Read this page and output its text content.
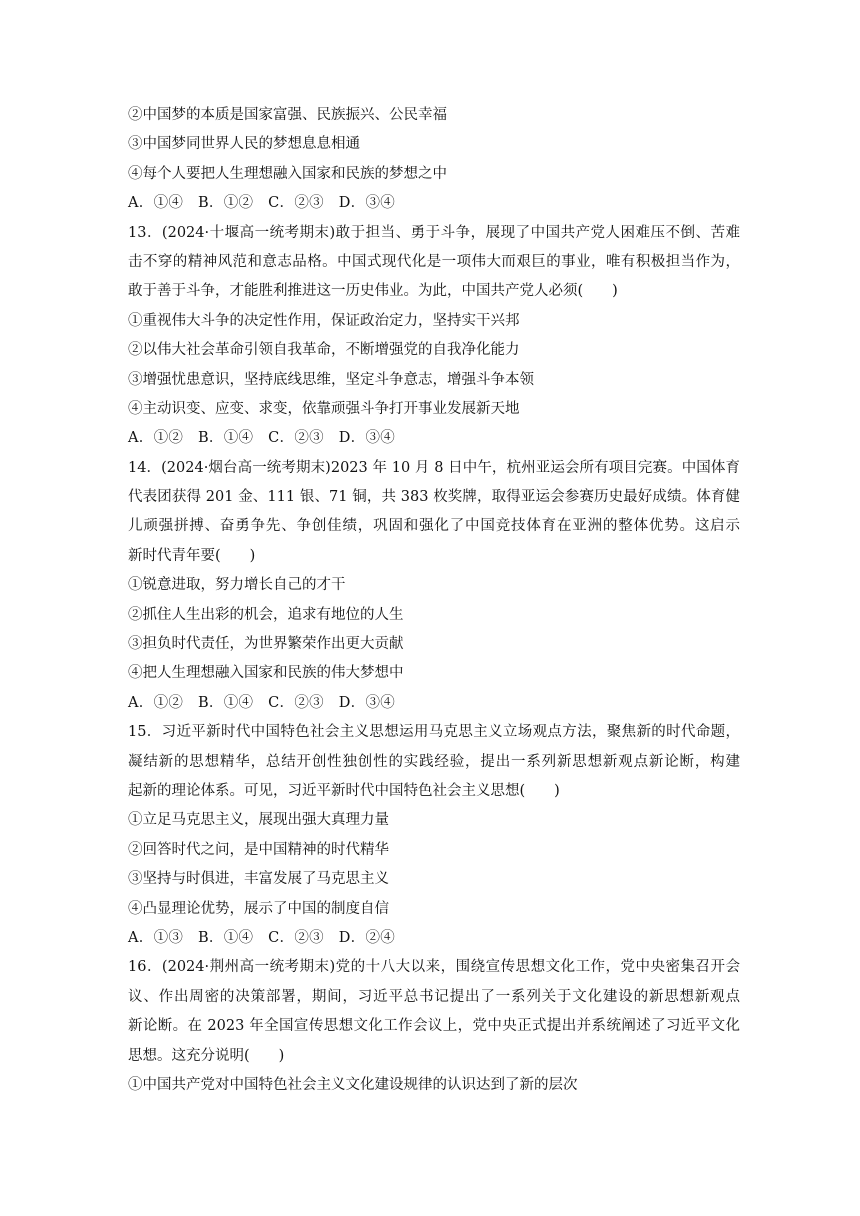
②中国梦的本质是国家富强、民族振兴、公民幸福
③中国梦同世界人民的梦想息息相通
④每个人要把人生理想融入国家和民族的梦想之中
A．①④　B．①②　C．②③　D．③④
13．(2024·十堰高一统考期末)敢于担当、勇于斗争，展现了中国共产党人困难压不倒、苦难
击不穿的精神风范和意志品格。中国式现代化是一项伟大而艰巨的事业，唯有积极担当作为，
敢于善于斗争，才能胜利推进这一历史伟业。为此，中国共产党人必须(　　)
①重视伟大斗争的决定性作用，保证政治定力，坚持实干兴邦
②以伟大社会革命引领自我革命，不断增强党的自我净化能力
③增强忧患意识，坚持底线思维，坚定斗争意志，增强斗争本领
④主动识变、应变、求变，依靠顽强斗争打开事业发展新天地
A．①②　B．①④　C．②③　D．③④
14．(2024·烟台高一统考期末)2023 年 10 月 8 日中午，杭州亚运会所有项目完赛。中国体育
代表团获得 201 金、111 银、71 铜，共 383 枚奖牌，取得亚运会参赛历史最好成绩。体育健
儿顽强拼搏、奋勇争先、争创佳绩，巩固和强化了中国竞技体育在亚洲的整体优势。这启示
新时代青年要(　　)
①锐意进取，努力增长自己的才干
②抓住人生出彩的机会，追求有地位的人生
③担负时代责任，为世界繁荣作出更大贡献
④把人生理想融入国家和民族的伟大梦想中
A．①②　B．①④　C．②③　D．③④
15．习近平新时代中国特色社会主义思想运用马克思主义立场观点方法，聚焦新的时代命题，
凝结新的思想精华，总结开创性独创性的实践经验，提出一系列新思想新观点新论断，构建
起新的理论体系。可见，习近平新时代中国特色社会主义思想(　　)
①立足马克思主义，展现出强大真理力量
②回答时代之问，是中国精神的时代精华
③坚持与时俱进，丰富发展了马克思主义
④凸显理论优势，展示了中国的制度自信
A．①③　B．①④　C．②③　D．②④
16．(2024·荆州高一统考期末)党的十八大以来，围绕宣传思想文化工作，党中央密集召开会
议、作出周密的决策部署，期间，习近平总书记提出了一系列关于文化建设的新思想新观点
新论断。在 2023 年全国宣传思想文化工作会议上，党中央正式提出并系统阐述了习近平文化
思想。这充分说明(　　)
①中国共产党对中国特色社会主义文化建设规律的认识达到了新的层次
